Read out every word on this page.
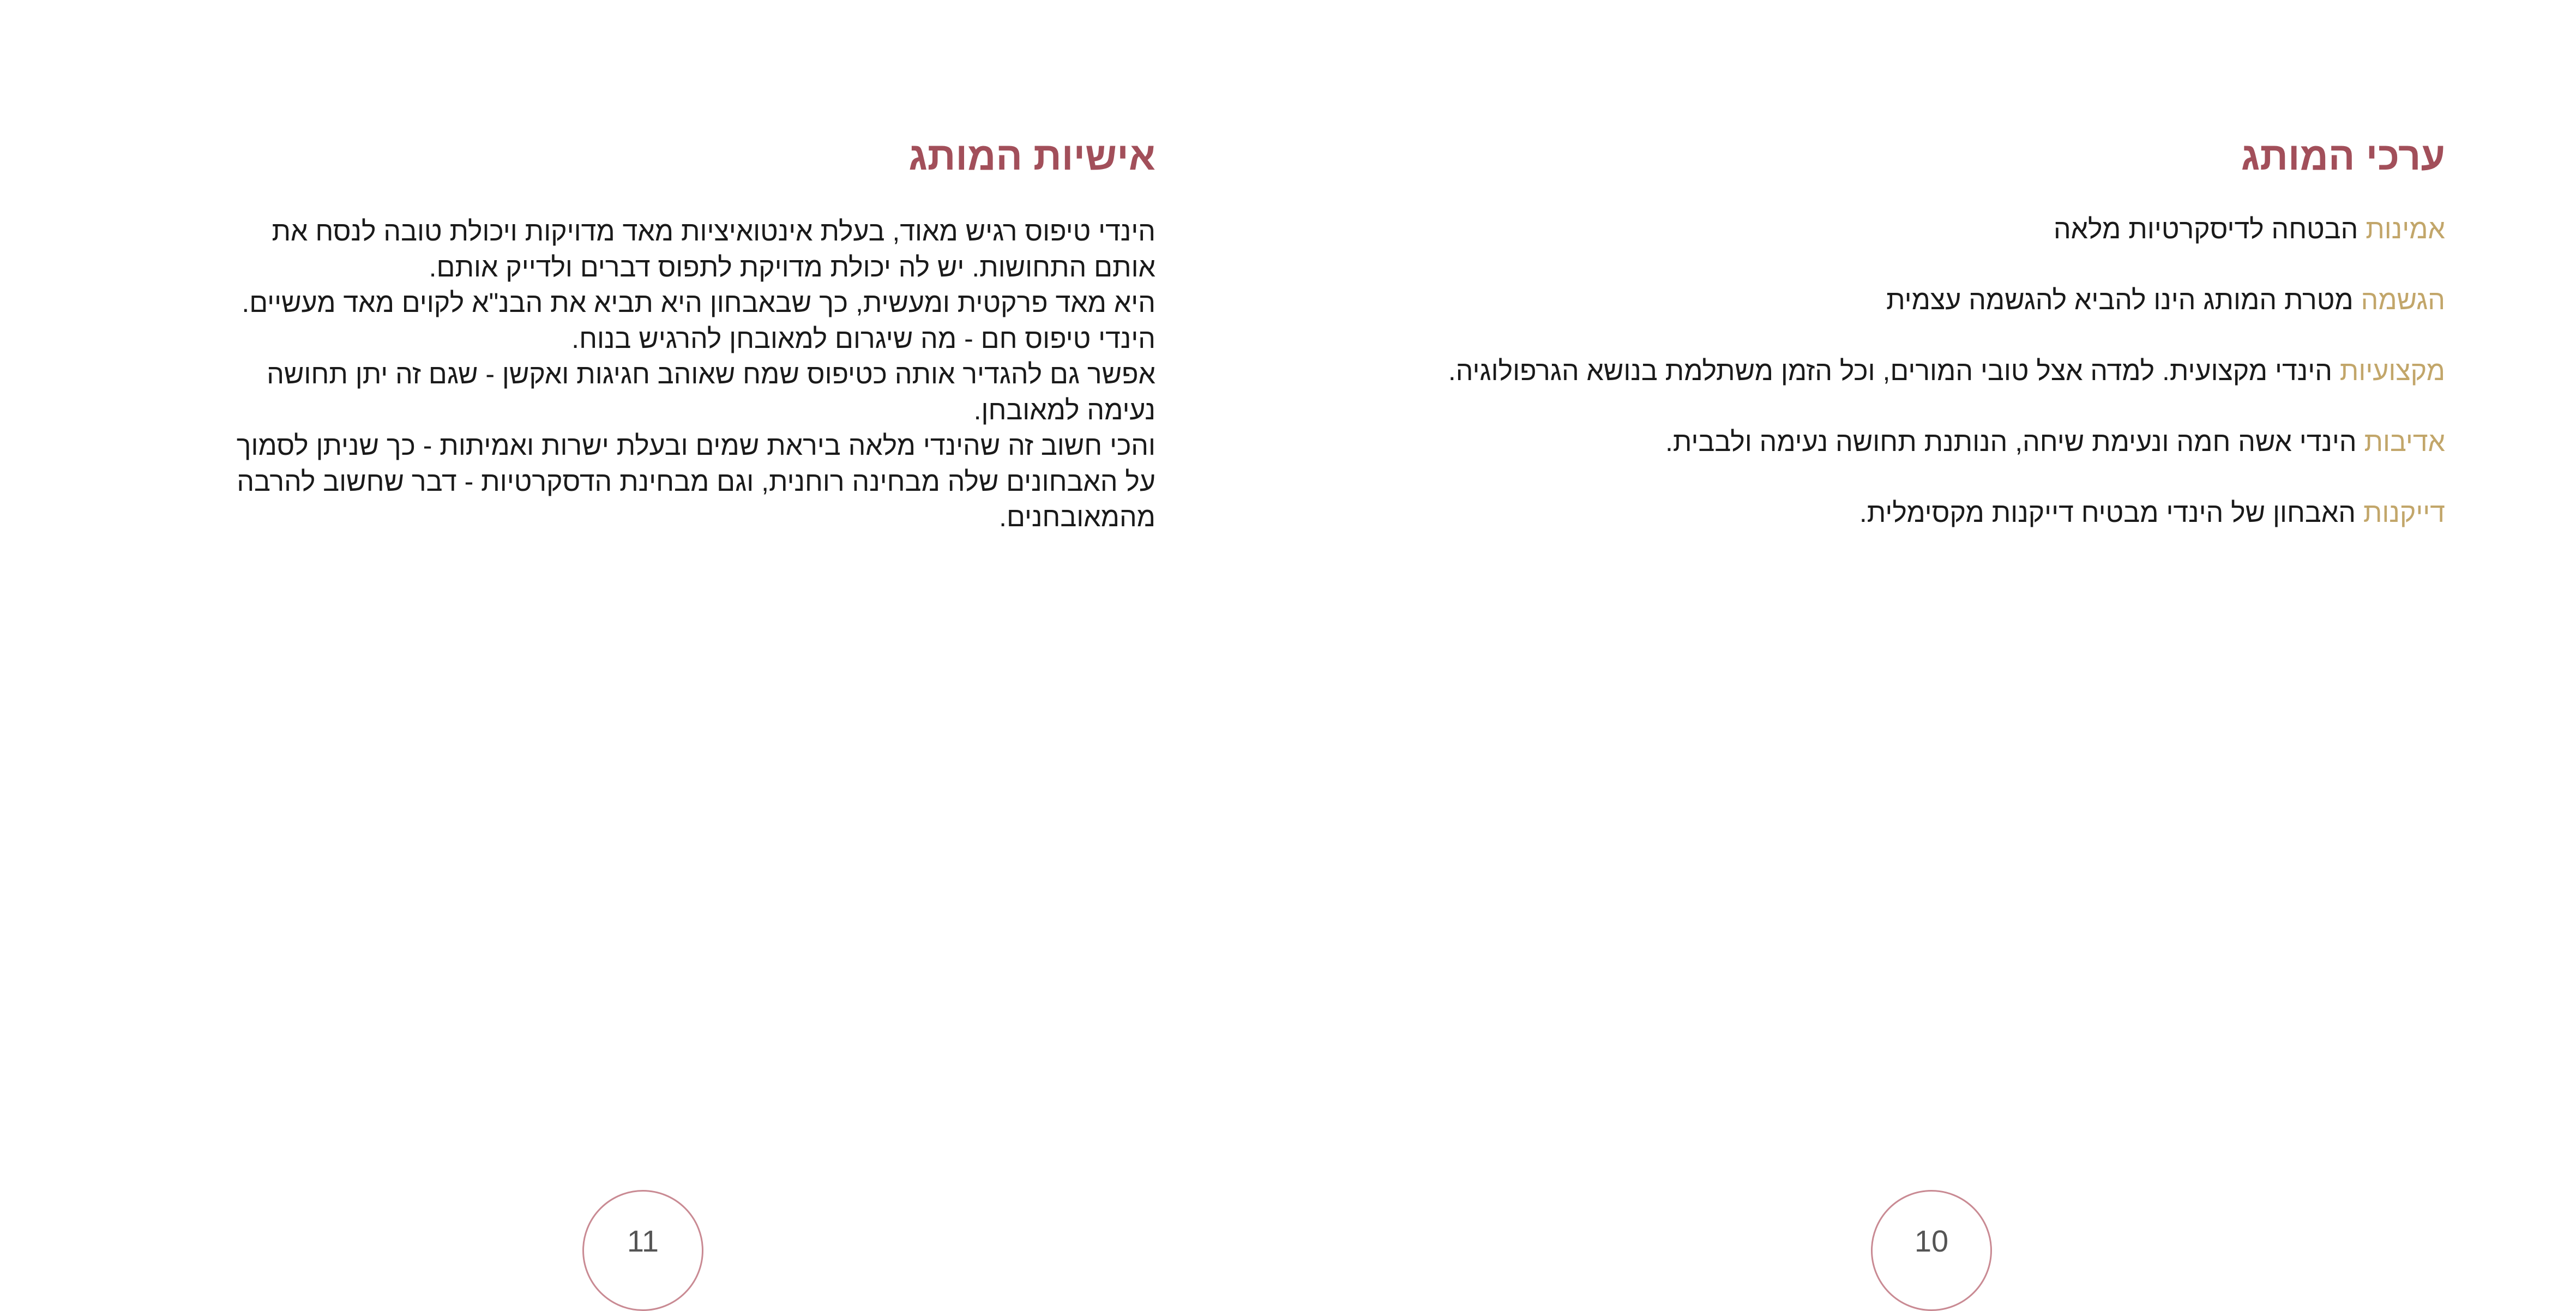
אישיות המותג

הינדי טיפוס רגיש מאוד, בעלת אינטואיציות מאד מדויקות ויכולת טובה לנסח את אותם התחושות. יש לה יכולת מדויקת לתפוס דברים ולדייק אותם.
היא מאד פרקטית ומעשית, כך שבאבחון היא תביא את הבנ"א לקוים מאד מעשיים.
הינדי טיפוס חם - מה שיגרום למאובחן להרגיש בנוח.
אפשר גם להגדיר אותה כטיפוס שמח שאוהב חגיגות ואקשן - שגם זה יתן תחושה נעימה למאובחן.
והכי חשוב זה שהינדי מלאה ביראת שמים ובעלת ישרות ואמיתות - כך שניתן לסמוך על האבחונים שלה מבחינה רוחנית, וגם מבחינת הדסקרטיות - דבר שחשוב להרבה מהמאובחנים.

11
ערכי המותג
אמינות הבטחה לדיסקרטיות מלאה
הגשמה מטרת המותג הינו להביא להגשמה עצמית
מקצועיות הינדי מקצועית. למדה אצל טובי המורים, וכל הזמן משתלמת בנושא הגרפולוגיה.
אדיבות הינדי אשה חמה ונעימת שיחה, הנותנת תחושה נעימה ולבבית.
דייקנות האבחון של הינדי מבטיח דייקנות מקסימלית.
10
